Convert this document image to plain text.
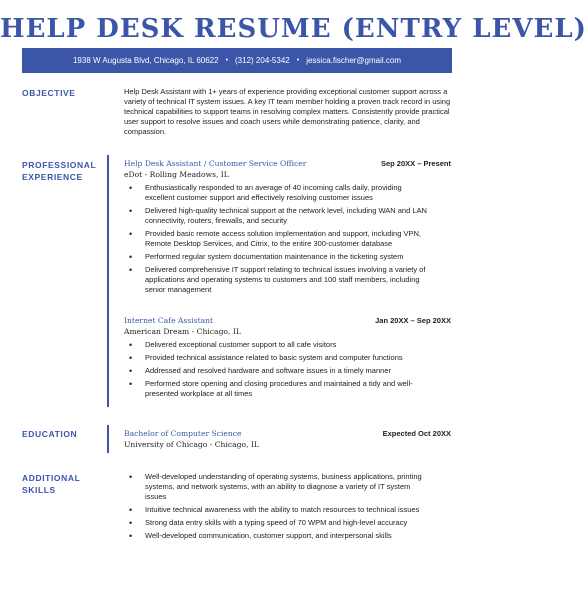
HELP DESK RESUME (ENTRY LEVEL)
1938 W Augusta Blvd, Chicago, IL 60622 • (312) 204-5342 • jessica.fischer@gmail.com
OBJECTIVE	Help Desk Assistant with 1+ years of experience providing exceptional customer support across a variety of technical IT system issues. A key IT team member holding a proven track record in using technical capabilities to support teams in resolving complex matters. Consistently provide practical user support to resolve issues and coach users while demonstrating patience, clarity, and compassion.
PROFESSIONAL
EXPERIENCE
Help Desk Assistant / Customer Service Officer	Sep 20XX – Present
eDot - Rolling Meadows, IL
• Enthusiastically responded to an average of 40 incoming calls daily, providing excellent customer support and effectively resolving customer issues
• Delivered high-quality technical support at the network level, including WAN and LAN connectivity, routers, firewalls, and security
• Provided basic remote access solution implementation and support, including VPN, Remote Desktop Services, and Citrix, to the entire 300-customer database
• Performed regular system documentation maintenance in the ticketing system
• Delivered comprehensive IT support relating to technical issues involving a variety of applications and operating systems to customers and 100 staff members, including senior management
Internet Cafe Assistant	Jan 20XX – Sep 20XX
American Dream - Chicago, IL
• Delivered exceptional customer support to all cafe visitors
• Provided technical assistance related to basic system and computer functions
• Addressed and resolved hardware and software issues in a timely manner
• Performed store opening and closing procedures and maintained a tidy and well-presented workplace at all times
EDUCATION	Bachelor of Computer Science	Expected Oct 20XX
University of Chicago - Chicago, IL
ADDITIONAL
SKILLS
• Well-developed understanding of operating systems, business applications, printing systems, and network systems, with an ability to diagnose a variety of IT system issues
• Intuitive technical awareness with the ability to match resources to technical issues
• Strong data entry skills with a typing speed of 70 WPM and high-level accuracy
• Well-developed communication, customer support, and interpersonal skills
